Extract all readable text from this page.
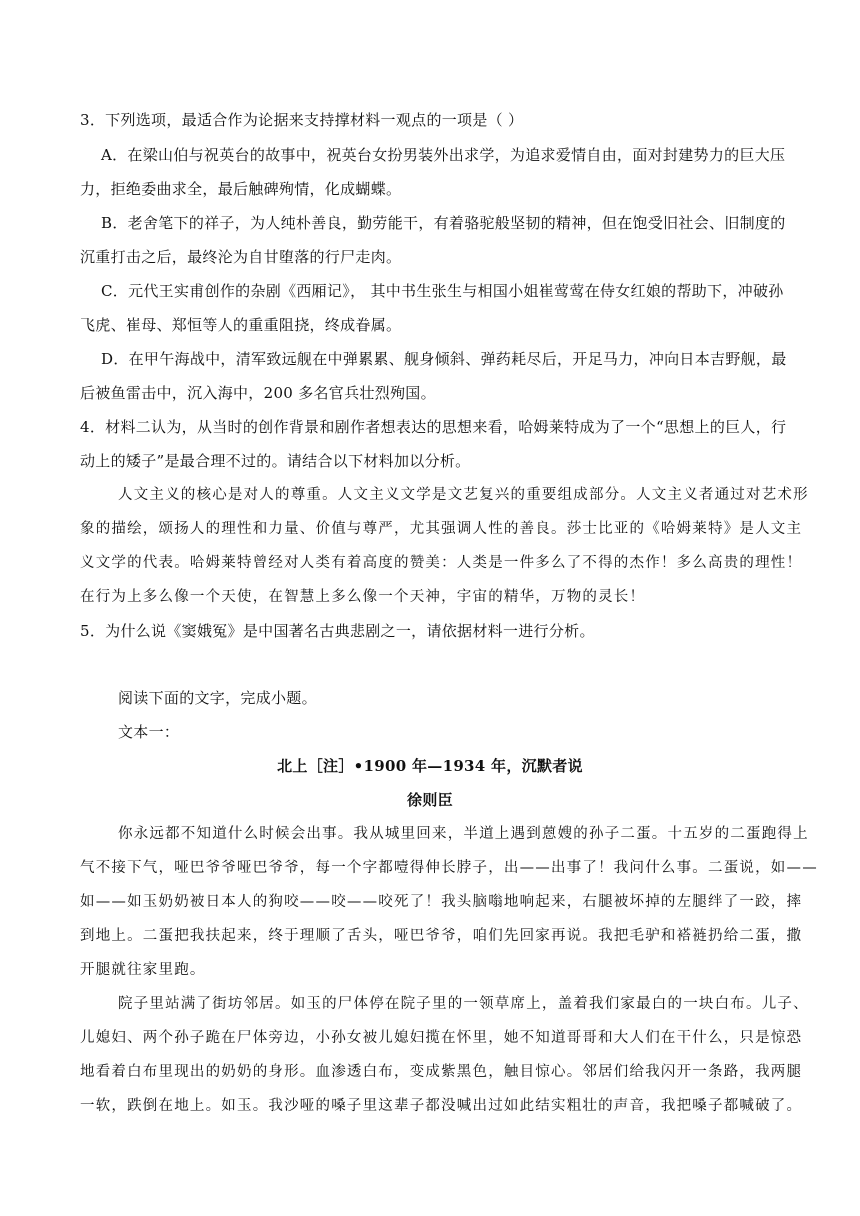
3．下列选项，最适合作为论据来支持撑材料一观点的一项是（ ）
A．在梁山伯与祝英台的故事中，祝英台女扮男装外出求学，为追求爱情自由，面对封建势力的巨大压
力，拒绝委曲求全，最后触碑殉情，化成蝴蝶。
B．老舍笔下的祥子，为人纯朴善良，勤劳能干，有着骆驼般坚韧的精神，但在饱受旧社会、旧制度的
沉重打击之后，最终沦为自甘堕落的行尸走肉。
C．元代王实甫创作的杂剧《西厢记》， 其中书生张生与相国小姐崔莺莺在侍女红娘的帮助下，冲破孙
飞虎、崔母、郑恒等人的重重阻挠，终成眷属。
D．在甲午海战中，清军致远舰在中弹累累、舰身倾斜、弹药耗尽后，开足马力，冲向日本吉野舰，最
后被鱼雷击中，沉入海中，200 多名官兵壮烈殉国。
4．材料二认为，从当时的创作背景和剧作者想表达的思想来看，哈姆莱特成为了一个“思想上的巨人，行
动上的矮子”是最合理不过的。请结合以下材料加以分析。
人文主义的核心是对人的尊重。人文主义文学是文艺复兴的重要组成部分。人文主义者通过对艺术形
象的描绘，颂扬人的理性和力量、价值与尊严，尤其强调人性的善良。莎士比亚的《哈姆莱特》是人文主
义文学的代表。哈姆莱特曾经对人类有着高度的赞美：人类是一件多么了不得的杰作！多么高贵的理性！
在行为上多么像一个天使，在智慧上多么像一个天神，宇宙的精华，万物的灵长！
5．为什么说《窦娥冤》是中国著名古典悲剧之一，请依据材料一进行分析。
阅读下面的文字，完成小题。
文本一：
北上［注］•1900 年—1934 年，沉默者说
徐则臣
你永远都不知道什么时候会出事。我从城里回来，半道上遇到蒽嫂的孙子二蛋。十五岁的二蛋跑得上
气不接下气，哑巴爷爷哑巴爷爷，每一个字都噎得伸长脖子，出——出事了！我问什么事。二蛋说，如——
如——如玉奶奶被日本人的狗咬——咬——咬死了！我头脑嗡地响起来，右腿被坏掉的左腿绊了一跤，摔
到地上。二蛋把我扶起来，终于理顺了舌头，哑巴爷爷，咱们先回家再说。我把毛驴和褡裢扔给二蛋，撒
开腿就往家里跑。
院子里站满了街坊邻居。如玉的尸体停在院子里的一领草席上，盖着我们家最白的一块白布。儿子、
儿媳妇、两个孙子跪在尸体旁边，小孙女被儿媳妇揽在怀里，她不知道哥哥和大人们在干什么，只是惊恐
地看着白布里现出的奶奶的身形。血渗透白布，变成紫黑色，触目惊心。邻居们给我闪开一条路，我两腿
一软，跌倒在地上。如玉。我沙哑的嗓子里这辈子都没喊出过如此结实粗壮的声音，我把嗓子都喊破了。
